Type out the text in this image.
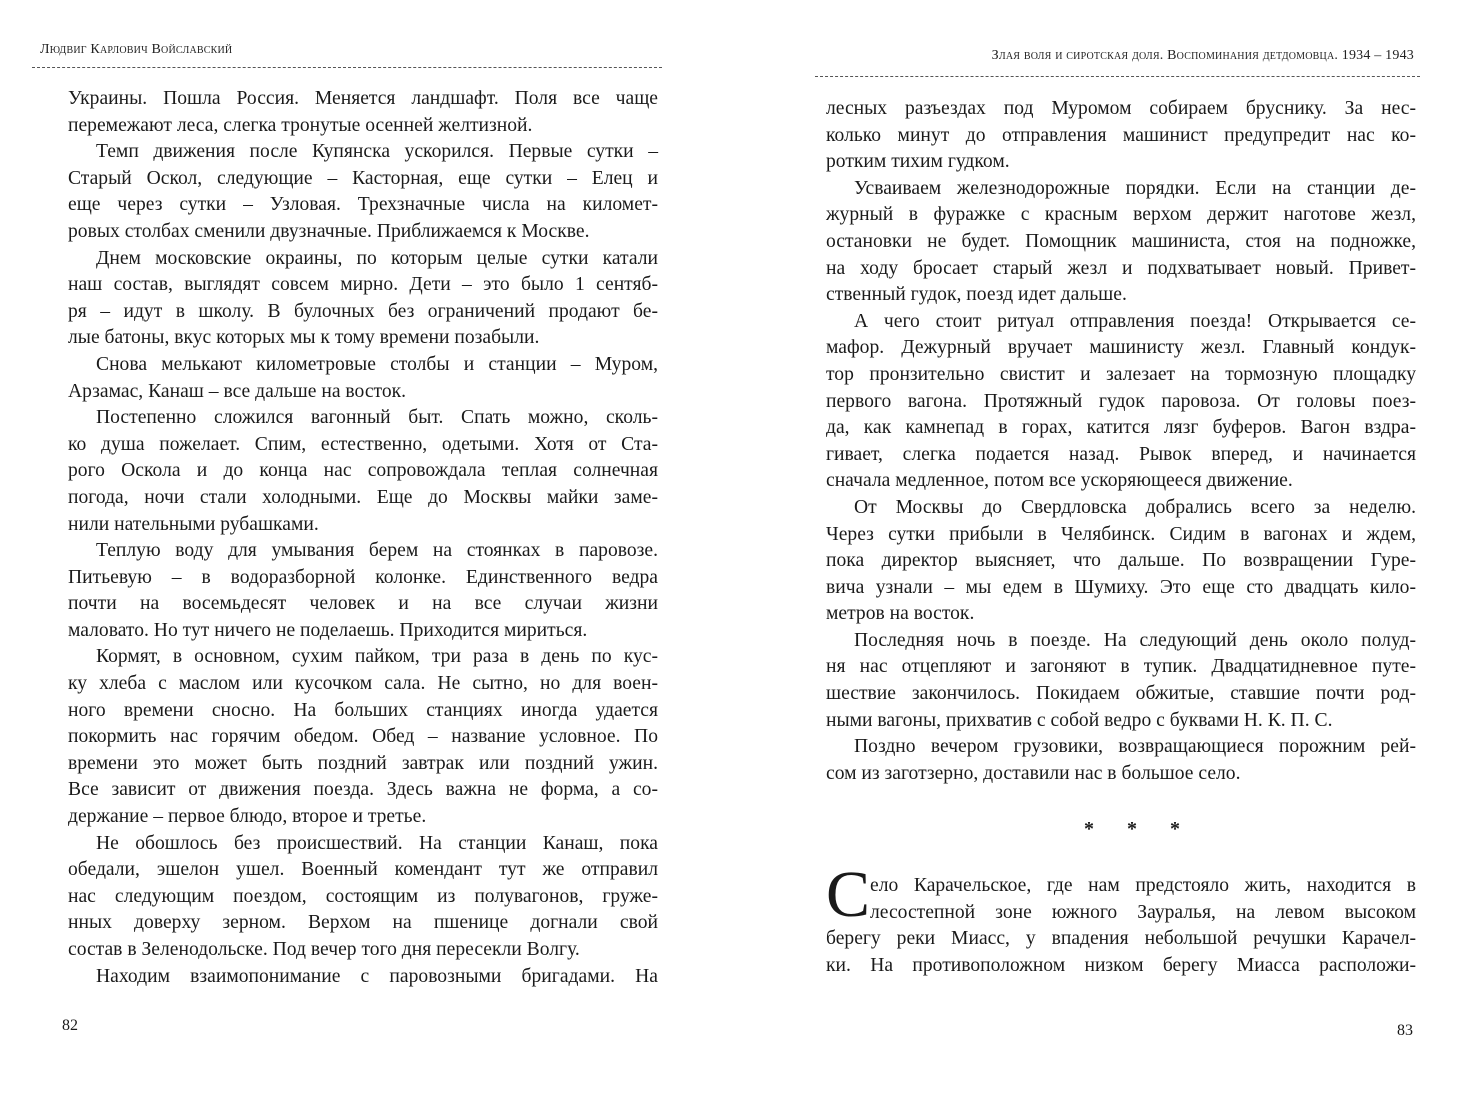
Людвиг Карлович Войславский
Украины. Пошла Россия. Меняется ландшафт. Поля все чаще
перемежают леса, слегка тронутые осенней желтизной.
Темп движения после Купянска ускорился. Первые сутки –
Старый Оскол, следующие – Касторная, еще сутки – Елец и
еще через сутки – Узловая. Трехзначные числа на километ-
ровых столбах сменили двузначные. Приближаемся к Москве.
Днем московские окраины, по которым целые сутки катали
наш состав, выглядят совсем мирно. Дети – это было 1 сентяб-
ря – идут в школу. В булочных без ограничений продают бе-
лые батоны, вкус которых мы к тому времени позабыли.
Снова мелькают километровые столбы и станции – Муром,
Арзамас, Канаш – все дальше на восток.
Постепенно сложился вагонный быт. Спать можно, сколь-
ко душа пожелает. Спим, естественно, одетыми. Хотя от Ста-
рого Оскола и до конца нас сопровождала теплая солнечная
погода, ночи стали холодными. Еще до Москвы майки заме-
нили нательными рубашками.
Теплую воду для умывания берем на стоянках в паровозе.
Питьевую – в водоразборной колонке. Единственного ведра
почти на восемьдесят человек и на все случаи жизни
маловато. Но тут ничего не поделаешь. Приходится мириться.
Кормят, в основном, сухим пайком, три раза в день по кус-
ку хлеба с маслом или кусочком сала. Не сытно, но для воен-
ного времени сносно. На больших станциях иногда удается
покормить нас горячим обедом. Обед – название условное. По
времени это может быть поздний завтрак или поздний ужин.
Все зависит от движения поезда. Здесь важна не форма, а со-
держание – первое блюдо, второе и третье.
Не обошлось без происшествий. На станции Канаш, пока
обедали, эшелон ушел. Военный комендант тут же отправил
нас следующим поездом, состоящим из полувагонов, груже-
нных доверху зерном. Верхом на пшенице догнали свой
состав в Зеленодольске. Под вечер того дня пересекли Волгу.
Находим взаимопонимание с паровозными бригадами. На
82
Злая воля и сиротская доля. Воспоминания детдомовца. 1934 – 1943
лесных разъездах под Муромом собираем бруснику. За нес-
колько минут до отправления машинист предупредит нас ко-
ротким тихим гудком.
Усваиваем железнодорожные порядки. Если на станции де-
журный в фуражке с красным верхом держит наготове жезл,
остановки не будет. Помощник машиниста, стоя на подножке,
на ходу бросает старый жезл и подхватывает новый. Привет-
ственный гудок, поезд идет дальше.
А чего стоит ритуал отправления поезда! Открывается се-
мафор. Дежурный вручает машинисту жезл. Главный кондук-
тор пронзительно свистит и залезает на тормозную площадку
первого вагона. Протяжный гудок паровоза. От головы поез-
да, как камнепад в горах, катится лязг буферов. Вагон вздра-
гивает, слегка подается назад. Рывок вперед, и начинается
сначала медленное, потом все ускоряющееся движение.
От Москвы до Свердловска добрались всего за неделю.
Через сутки прибыли в Челябинск. Сидим в вагонах и ждем,
пока директор выясняет, что дальше. По возвращении Гуре-
вича узнали – мы едем в Шумиху. Это еще сто двадцать кило-
метров на восток.
Последняя ночь в поезде. На следующий день около полуд-
ня нас отцепляют и загоняют в тупик. Двадцатидневное путе-
шествие закончилось. Покидаем обжитые, ставшие почти род-
ными вагоны, прихватив с собой ведро с буквами Н. К. П. С.
Поздно вечером грузовики, возвращающиеся порожним рей-
сом из заготзерно, доставили нас в большое село.
* * *
С ело Карачельское, где нам предстояло жить, находится в
лесостепной зоне южного Зауралья, на левом высоком
берегу реки Миасс, у впадения небольшой речушки Карачел-
ки. На противоположном низком берегу Миасса расположи-
83
